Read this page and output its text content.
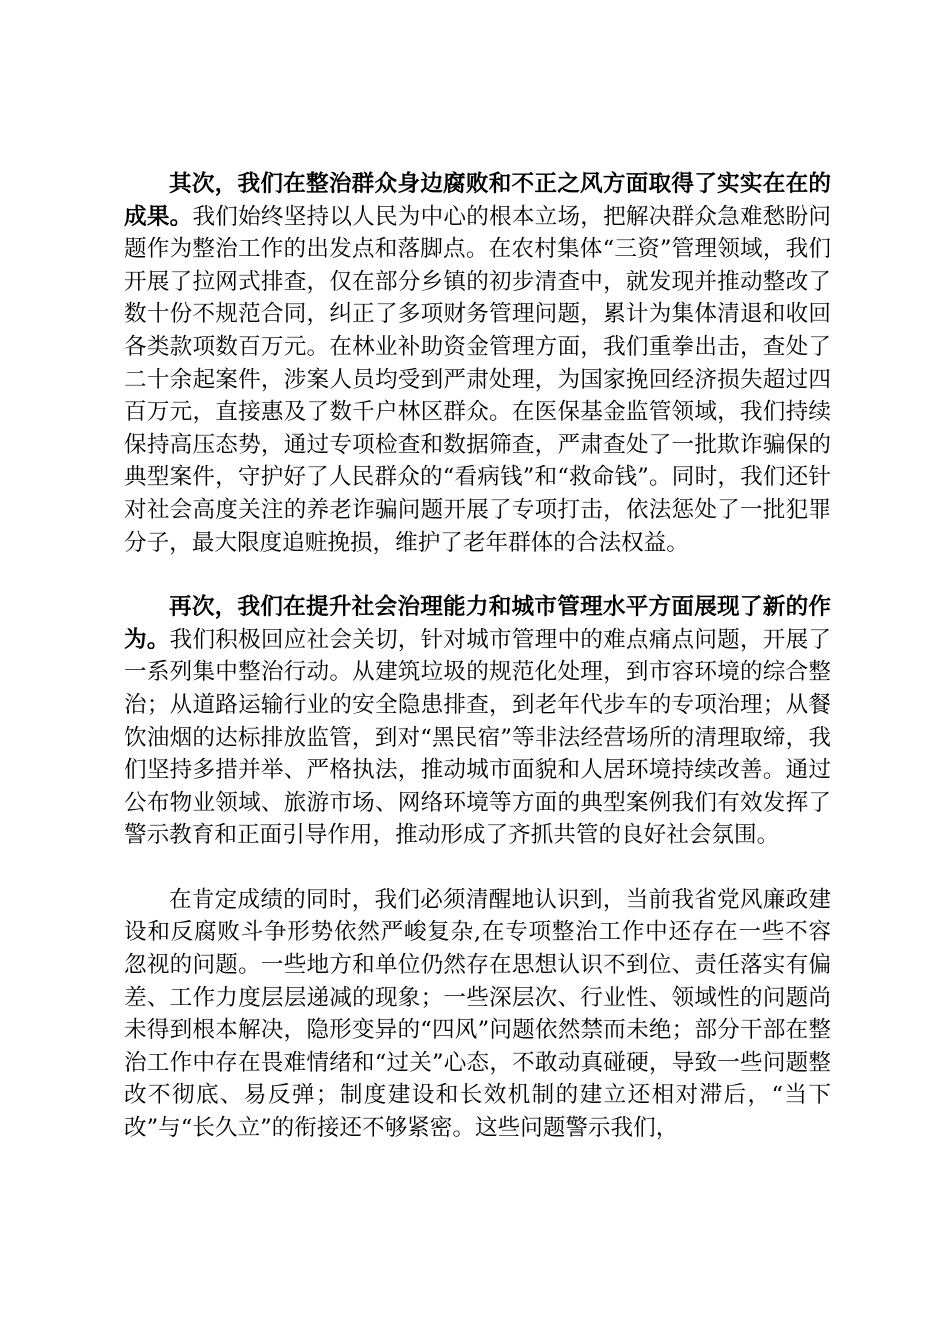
其次，我们在整治群众身边腐败和不正之风方面取得了实实在在的成果。我们始终坚持以人民为中心的根本立场，把解决群众急难愁盼问题作为整治工作的出发点和落脚点。在农村集体“三资”管理领域，我们开展了拉网式排查，仅在部分乡镇的初步清查中，就发现并推动整改了数十份不规范合同，纠正了多项财务管理问题，累计为集体清退和收回各类款项数百万元。在林业补助资金管理方面，我们重拳出击，查处了二十余起案件，涉案人员均受到严肃处理，为国家挽回经济损失超过四百万元，直接惠及了数千户林区群众。在医保基金监管领域，我们持续保持高压态势，通过专项检查和数据筛查，严肃查处了一批欺诈骗保的典型案件，守护好了人民群众的“看病钱”和“救命钱”。同时，我们还针对社会高度关注的养老诈骗问题开展了专项打击，依法惩处了一批犯罪分子，最大限度追赃挽损，维护了老年群体的合法权益。

再次，我们在提升社会治理能力和城市管理水平方面展现了新的作为。我们积极回应社会关切，针对城市管理中的难点痛点问题，开展了一系列集中整治行动。从建筑垃圾的规范化处理，到市容环境的综合整治；从道路运输行业的安全隐患排查，到老年代步车的专项治理；从餐饮油烟的达标排放监管，到对“黑民宿”等非法经营场所的清理取缔，我们坚持多措并举、严格执法，推动城市面貌和人居环境持续改善。通过公布物业领域、旅游市场、网络环境等方面的典型案例我们有效发挥了警示教育和正面引导作用，推动形成了齐抓共管的良好社会氛围。

在肯定成绩的同时，我们必须清醒地认识到，当前我省党风廉政建设和反腐败斗争形势依然严峻复杂,在专项整治工作中还存在一些不容忽视的问题。一些地方和单位仍然存在思想认识不到位、责任落实有偏差、工作力度层层递减的现象；一些深层次、行业性、领域性的问题尚未得到根本解决，隐形变异的“四风”问题依然禁而未绝；部分干部在整治工作中存在畏难情绪和“过关”心态，不敢动真碰硬，导致一些问题整改不彻底、易反弹；制度建设和长效机制的建立还相对滞后，“当下改”与“长久立”的衔接还不够紧密。这些问题警示我们，
